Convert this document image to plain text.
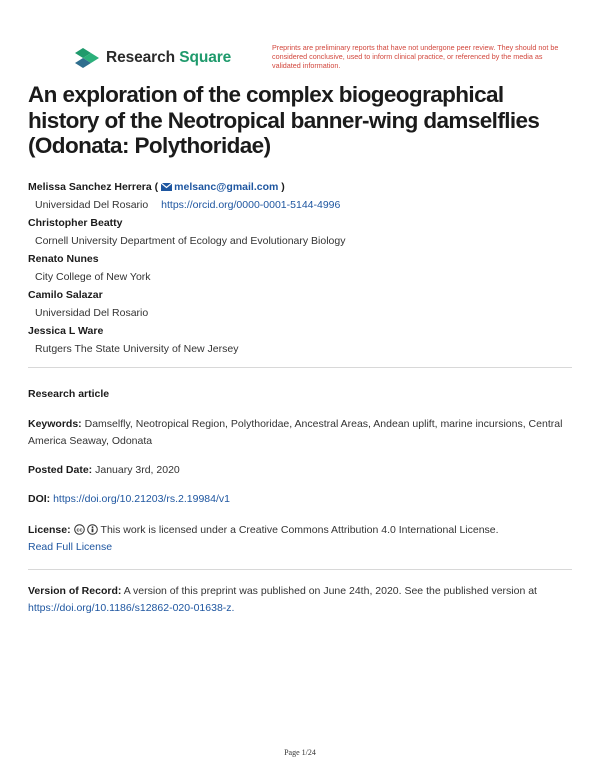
Research Square
Preprints are preliminary reports that have not undergone peer review. They should not be considered conclusive, used to inform clinical practice, or referenced by the media as validated information.
An exploration of the complex biogeographical history of the Neotropical banner-wing damselflies (Odonata: Polythoridae)
Melissa Sanchez Herrera ( melsanc@gmail.com )
Universidad Del Rosario https://orcid.org/0000-0001-5144-4996
Christopher Beatty
Cornell University Department of Ecology and Evolutionary Biology
Renato Nunes
City College of New York
Camilo Salazar
Universidad Del Rosario
Jessica L Ware
Rutgers The State University of New Jersey
Research article
Keywords: Damselfly, Neotropical Region, Polythoridae, Ancestral Areas, Andean uplift, marine incursions, Central America Seaway, Odonata
Posted Date: January 3rd, 2020
DOI: https://doi.org/10.21203/rs.2.19984/v1
License: cc This work is licensed under a Creative Commons Attribution 4.0 International License.
Read Full License
Version of Record: A version of this preprint was published on June 24th, 2020. See the published version at https://doi.org/10.1186/s12862-020-01638-z.
Page 1/24
